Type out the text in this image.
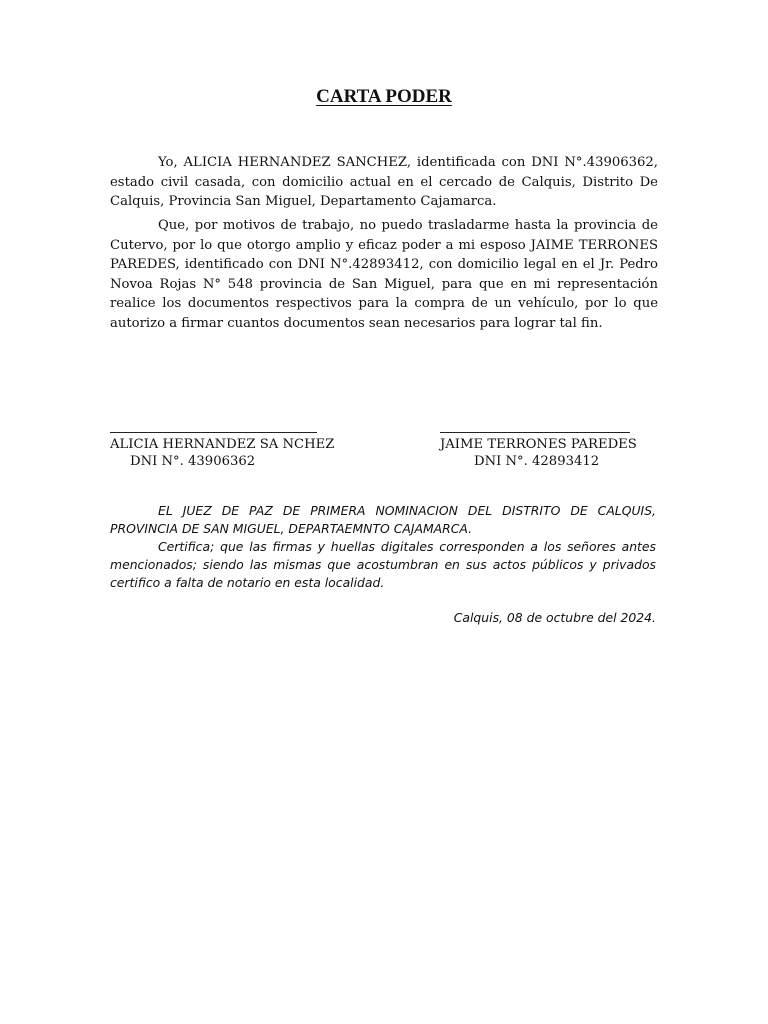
CARTA PODER

Yo, ALICIA HERNANDEZ SANCHEZ, identificada con DNI N°.43906362, estado civil casada, con domicilio actual en el cercado de Calquis, Distrito De Calquis, Provincia San Miguel, Departamento Cajamarca.

Que, por motivos de trabajo, no puedo trasladarme hasta la provincia de Cutervo, por lo que otorgo amplio y eficaz poder a mi esposo JAIME TERRONES PAREDES, identificado con DNI N°.42893412, con domicilio legal en el Jr. Pedro Novoa Rojas N° 548 provincia de San Miguel, para que en mi representación realice los documentos respectivos para la compra de un vehículo, por lo que autorizo a firmar cuantos documentos sean necesarios para lograr tal fin.

ALICIA HERNANDEZ SA NCHEZ
DNI N°. 43906362
JAIME TERRONES PAREDES
DNI N°. 42893412

EL JUEZ DE PAZ DE PRIMERA NOMINACION DEL DISTRITO DE CALQUIS, PROVINCIA DE SAN MIGUEL, DEPARTAEMNTO CAJAMARCA.

Certifica; que las firmas y huellas digitales corresponden a los señores antes mencionados; siendo las mismas que acostumbran en sus actos públicos y privados certifico a falta de notario en esta localidad.

Calquis, 08 de octubre del 2024.
